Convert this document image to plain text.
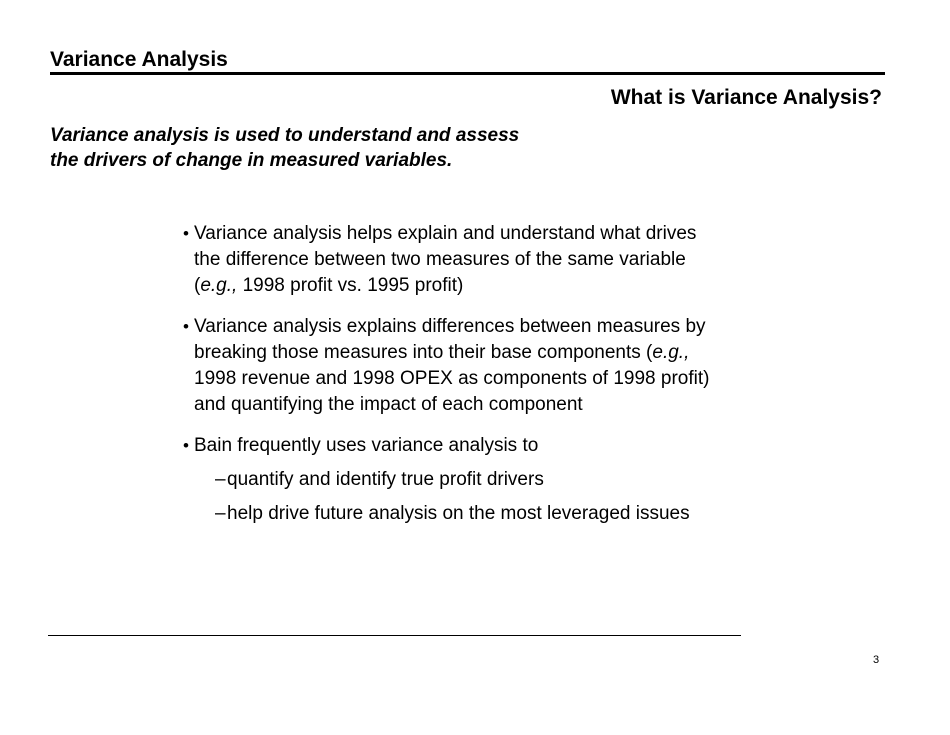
Variance Analysis
What is Variance Analysis?
Variance analysis is used to understand and assess
the drivers of change in measured variables.
• Variance analysis helps explain and understand what drives
the difference between two measures of the same variable
(e.g., 1998 profit vs. 1995 profit)
• Variance analysis explains differences between measures by
breaking those measures into their base components (e.g.,
1998 revenue and 1998 OPEX as components of 1998 profit)
and quantifying the impact of each component
• Bain frequently uses variance analysis to
– quantify and identify true profit drivers
– help drive future analysis on the most leveraged issues
3
